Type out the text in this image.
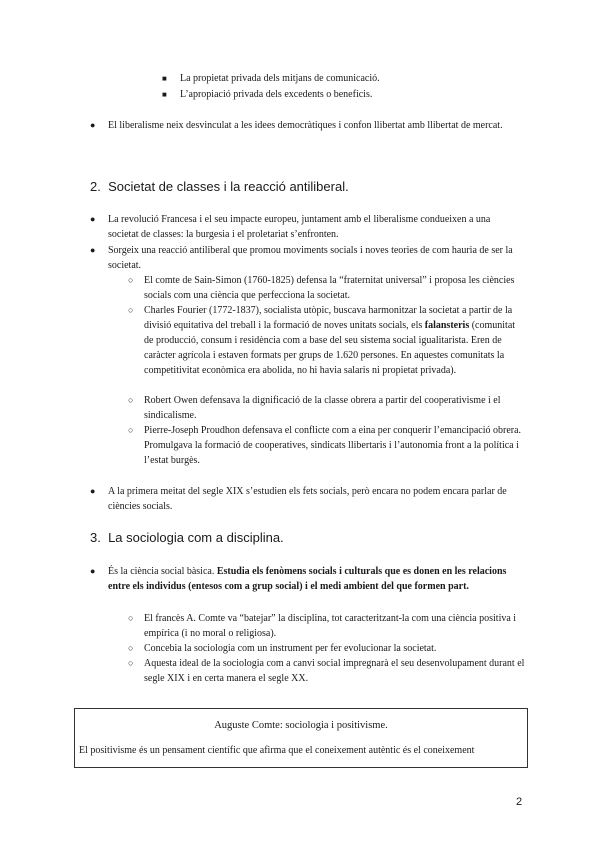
■ La propietat privada dels mitjans de comunicació.
■ L’apropiació privada dels excedents o beneficis.
● El liberalisme neix desvinculat a les idees democràtiques i confon llibertat amb llibertat de mercat.
2. Societat de classes i la reacció antiliberal.
● La revolució Francesa i el seu impacte europeu, juntament amb el liberalisme condueixen a una societat de classes: la burgesia i el proletariat s’enfronten.
● Sorgeix una reacció antiliberal que promou moviments socials i noves teories de com hauria de ser la societat.
○ El comte de Sain-Simon (1760-1825) defensa la “fraternitat universal” i proposa les ciències socials com una ciència que perfecciona la societat.
○ Charles Fourier (1772-1837), socialista utòpic, buscava harmonitzar la societat a partir de la divisió equitativa del treball i la formació de noves unitats socials, els falansteris (comunitat de producció, consum i residència com a base del seu sistema social igualitarista. Eren de caràcter agrícola i estaven formats per grups de 1.620 persones. En aquestes comunitats la competitivitat econòmica era abolida, no hi havia salaris ni propietat privada).
○ Robert Owen defensava la dignificació de la classe obrera a partir del cooperativisme i el sindicalisme.
○ Pierre-Joseph Proudhon defensava el conflicte com a eina per conquerir l’emancipació obrera. Promulgava la formació de cooperatives, sindicats llibertaris i l’autonomia front a la política i l’estat burgès.
● A la primera meitat del segle XIX s’estudien els fets socials, però encara no podem encara parlar de ciències socials.
3. La sociologia com a disciplina.
● És la ciència social bàsica. Estudia els fenòmens socials i culturals que es donen en les relacions entre els individus (entesos com a grup social) i el medi ambient del que formen part.
○ El francès A. Comte va “batejar” la disciplina, tot caracteritzant-la com una ciència positiva i empírica (i no moral o religiosa).
○ Concebia la sociologia com un instrument per fer evolucionar la societat.
○ Aquesta ideal de la sociologia com a canvi social impregnarà el seu desenvolupament durant el segle XIX i en certa manera el segle XX.
Auguste Comte: sociologia i positivisme.
El positivisme és un pensament científic que afirma que el coneixement autèntic és el coneixement
2
